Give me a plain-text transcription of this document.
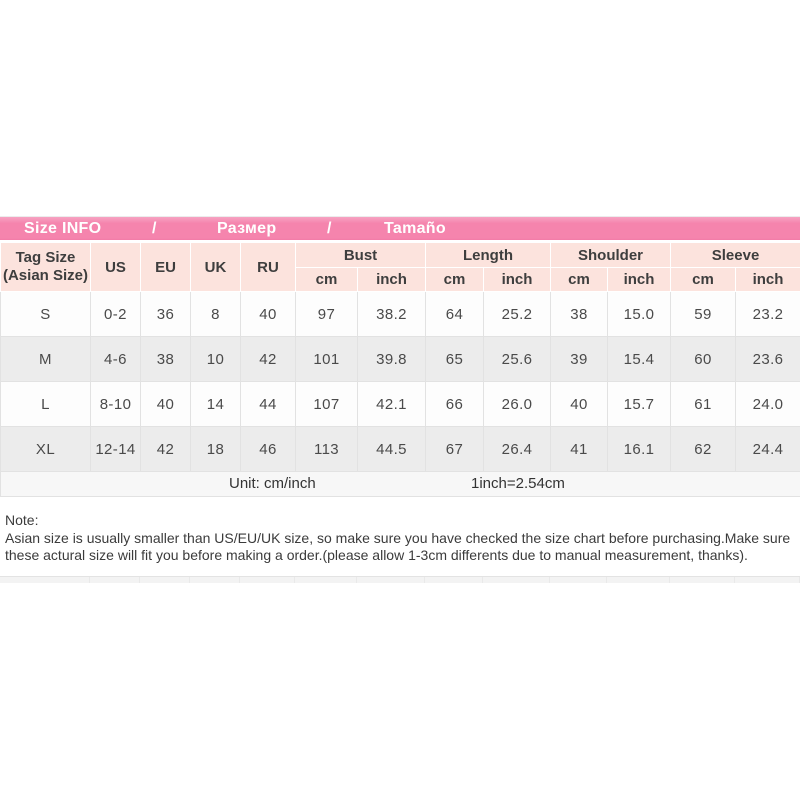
Size INFO	/	Размер	/	Tamaño
Tag Size
(Asian Size)	US	EU	UK	RU	Bust		Length		Shoulder		Sleeve	
					cm	inch	cm	inch	cm	inch	cm	inch
S	0-2	36	8	40	97	38.2	64	25.2	38	15.0	59	23.2
M	4-6	38	10	42	101	39.8	65	25.6	39	15.4	60	23.6
L	8-10	40	14	44	107	42.1	66	26.0	40	15.7	61	24.0
XL	12-14	42	18	46	113	44.5	67	26.4	41	16.1	62	24.4

Unit: cm/inch 1inch=2.54cm												
Note:
Asian size is usually smaller than US/EU/UK size, so make sure you have checked the size chart before purchasing.Make sure these actural size will fit you before making a order.(please allow 1-3cm differents due to manual measurement, thanks).
